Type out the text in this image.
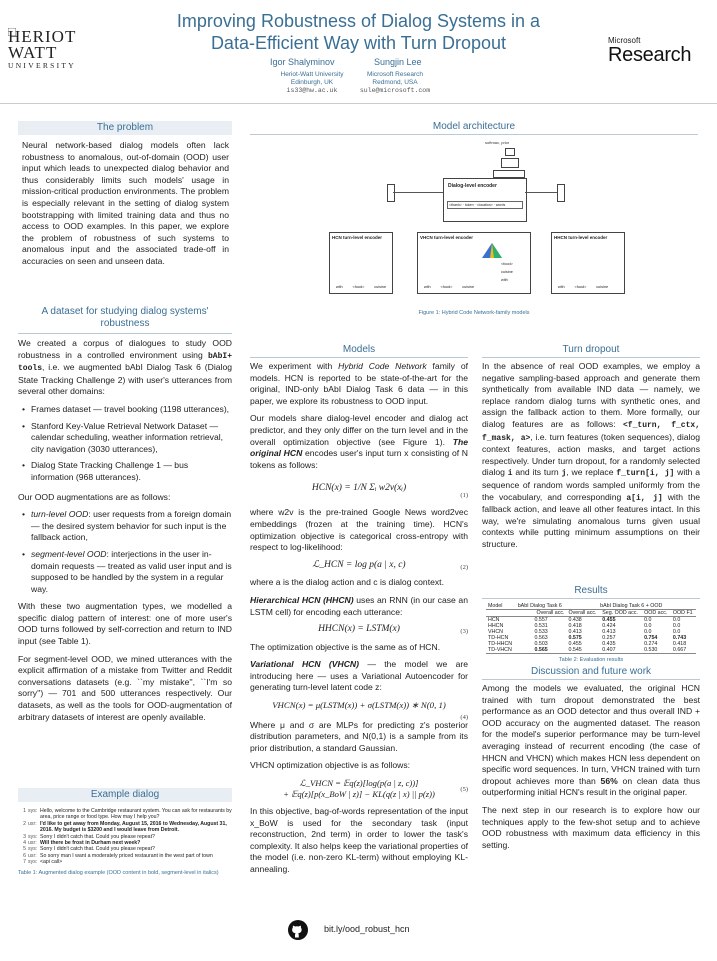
HERIOT
WATT
UNIVERSITY
Improving Robustness of Dialog Systems in a
Data-Efficient Way with Turn Dropout
Igor Shalyminov	Sungjin Lee
Heriot-Watt University
Edinburgh, UK
is33@hw.ac.uk
Microsoft Research
Redmond, USA
sule@microsoft.com
Microsoft
Research
The problem

Neural network-based dialog models often lack robustness to anomalous, out-of-domain (OOD) user input which leads to unexpected dialog behavior and thus considerably limits such models' usage in mission-critical production environments. The problem is especially relevant in the setting of dialog system bootstrapping with limited training data and thus no access to OOD examples. In this paper, we explore the problem of robustness of such systems to anomalous input and the associated trade-off in accuracies on seen and unseen data.

A dataset for studying dialog systems'
robustness

We created a corpus of dialogues to study OOD robustness in a controlled environment using bAbI+ tools, i.e. we augmented bAbI Dialog Task 6 (Dialog State Tracking Challenge 2) with user's utterances from several other domains:

• Frames dataset — travel booking (1198 utterances),
• Stanford Key-Value Retrieval Network Dataset — calendar scheduling, weather information retrieval, city navigation (3030 utterances),
• Dialog State Tracking Challenge 1 — bus information (968 utterances).

Our OOD augmentations are as follows:

• turn-level OOD: user requests from a foreign domain — the desired system behavior for such input is the fallback action,
• segment-level OOD: interjections in the user in-domain requests — treated as valid user input and is supposed to be handled by the system in a regular way.

With these two augmentation types, we modelled a specific dialog pattern of interest: one of more user's OOD turns followed by self-correction and return to IND input (see Table 1).

For segment-level OOD, we mined utterances with the explicit affirmation of a mistake from Twitter and Reddit conversations datasets (e.g. ``my mistake'', ``I'm so sorry'') — 701 and 500 utterances respectively. Our datasets, as well as the tools for OOD-augmentation of arbitrary datasets of interest are openly available.

Example dialog
1 sys: Hello, welcome to the Cambridge restaurant system. You can ask for restaurants by area, price range or food type. How may I help you?
2 usr: I'd like to get away from Monday, August 15, 2016 to Wednesday, August 31, 2016. My budget is $3200 and I would leave from Detroit.
3 sys: Sorry I didn't catch that. Could you please repeat?
4 usr: Will there be frost in Durham next week?
5 sys: Sorry I didn't catch that. Could you please repeat?
6 usr: So sorry man I want a moderately priced restaurant in the west part of town
7 sys: <api call>
Table 1: Augmented dialog example (OOD content in bold, segment-level in italics)
Model architecture
softmax, prior
Dialog-level encoder
<thanh> · token · <location> · words
HCN turn-level encoder	VHCN turn-level encoder	HHCN turn-level encoder
with	<food>	cuisine	with	<food>	cuisine
<food>
cuisine
with
with	<food>	cuisine
Figure 1: Hybrid Code Network-family models
Models

We experiment with Hybrid Code Network family of models. HCN is reported to be state-of-the-art for the original, IND-only bAbI Dialog Task 6 data — in this paper, we explore its robustness to OOD input.

Our models share dialog-level encoder and dialog act predictor, and they only differ on the turn level and in the overall optimization objective (see Figure 1). The original HCN encodes user's input turn x consisting of N tokens as follows:

HCN(x) = 1/N Σᵢ w2v(xᵢ)
(1)

where w2v is the pre-trained Google News word2vec embeddings (frozen at the training time). HCN's optimization objective is categorical cross-entropy with respect to log-likelihood:

ℒ_HCN = log p(a | x, c)	(2)

where a is the dialog action and c is dialog context.

Hierarchical HCN (HHCN) uses an RNN (in our case an LSTM cell) for encoding each utterance:

HHCN(x) = LSTM(x)	(3)

The optimization objective is the same as of HCN.

Variational HCN (VHCN) — the model we are introducing here — uses a Variational Autoencoder for generating turn-level latent code z:

VHCN(x) = μ(LSTM(x)) + σ(LSTM(x)) ∗ N(0, 1)
(4)

Where μ and σ are MLPs for predicting z's posterior distribution parameters, and N(0,1) is a sample from its prior distribution, a standard Gaussian.

VHCN optimization objective is as follows:

ℒ_VHCN = 𝔼q(z)[log(p(a | z, c))]
+ 𝔼q(z)[p(x_BoW | z)] − KL(q(z | x) || p(z))	(5)

In this objective, bag-of-words representation of the input x_BoW is used for the secondary task (input reconstruction, 2nd term) in order to lower the task's complexity. It also helps keep the variational properties of the model (i.e. non-zero KL-term) without employing KL-annealing.

Turn dropout

In the absence of real OOD examples, we employ a negative sampling-based approach and generate them synthetically from available IND data — namely, we replace random dialog turns with synthetic ones, and assign the fallback action to them. More formally, our dialog features are as follows: <f_turn, f_ctx, f_mask, a>, i.e. turn features (token sequences), dialog context features, action masks, and target actions respectively. Under turn dropout, for a randomly selected dialog i and its turn j, we replace f_turn[i, j] with a sequence of random words sampled uniformly from the the vocabulary, and corresponding a[i, j] with the fallback action, and leave all other features intact. In this way, we're simulating anomalous turns given usual contexts while putting minimum assumptions on their structure.

Results
Model	bAbI Dialog Task 6	bAbI Dialog Task 6 + OOD			
	Overall acc.	Overall acc.	Seg. OOD acc.	OOD acc.	OOD F1
HCN	0.557	0.438	0.455	0.0	0.0
HHCN	0.531	0.418	0.424	0.0	0.0
VHCN	0.533	0.413	0.413	0.0	0.0
TD-HCN	0.563	0.575	0.257	0.754	0.743
TD-HHCN	0.503	0.455	0.435	0.274	0.418
TD-VHCN	0.565	0.545	0.407	0.530	0.667
Table 2: Evaluation results
Discussion and future work

Among the models we evaluated, the original HCN trained with turn dropout demonstrated the best performance as an OOD detector and thus overall IND + OOD accuracy on the augmented dataset. The reason for the model's superior performance may be turn-level averaging instead of recurrent encoding (the case of HHCN and VHCN) which makes HCN less dependent on specific word sequences. In turn, VHCN trained with turn dropout achieves more than 56% on clean data thus outperforming initial HCN's result in the original paper.

The next step in our research is to explore how our techniques apply to the few-shot setup and to achieve OOD robustness with maximum data efficiency in this setting.

bit.ly/ood_robust_hcn
